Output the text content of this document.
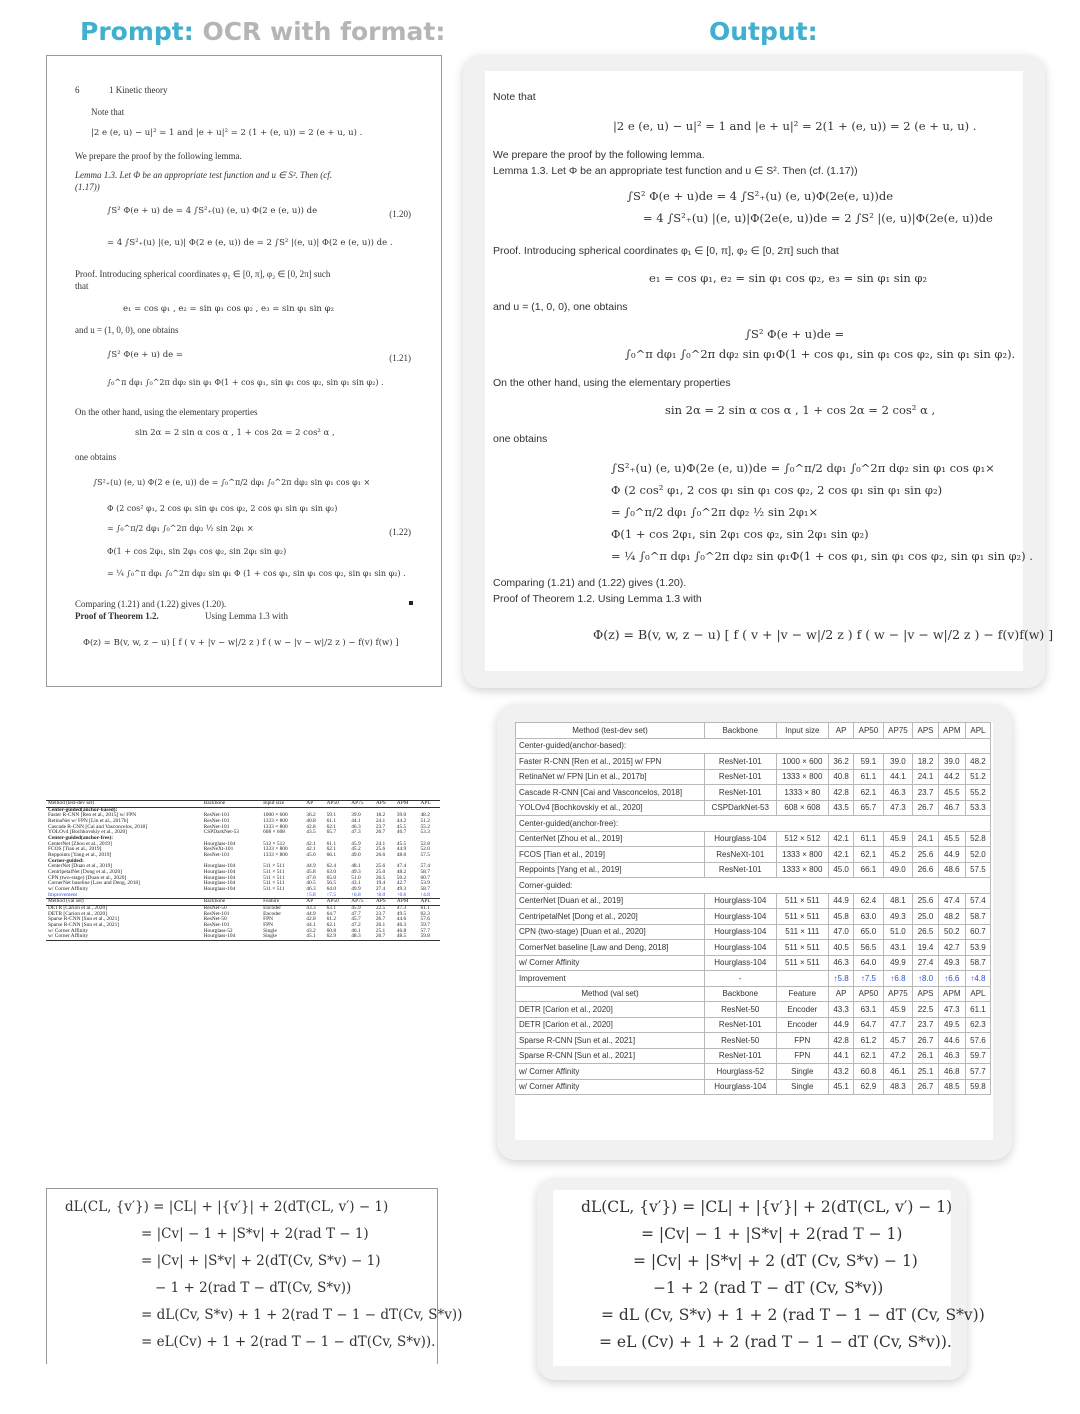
Prompt: OCR with format:	Output:
6	1 Kinetic theory
Note that
|2 e (e, u) − u|² = 1 and |e + u|² = 2 (1 + (e, u)) = 2 (e + u, u) .
We prepare the proof by the following lemma.
Lemma 1.3. Let Φ be an appropriate test function and u ∈ S². Then (cf.
(1.17))
∫S² Φ(e + u) de = 4 ∫S²₊(u) (e, u) Φ(2 e (e, u)) de	(1.20)
= 4 ∫S²₊(u) |(e, u)| Φ(2 e (e, u)) de = 2 ∫S² |(e, u)| Φ(2 e (e, u)) de .
Proof. Introducing spherical coordinates φ₁ ∈ [0, π], φ₂ ∈ [0, 2π] such
that
e₁ = cos φ₁ , e₂ = sin φ₁ cos φ₂ , e₃ = sin φ₁ sin φ₂
and u = (1, 0, 0), one obtains
∫S² Φ(e + u) de =	(1.21)
∫₀^π dφ₁ ∫₀^2π dφ₂ sin φ₁ Φ(1 + cos φ₁, sin φ₁ cos φ₂, sin φ₁ sin φ₂) .
On the other hand, using the elementary properties
sin 2α = 2 sin α cos α , 1 + cos 2α = 2 cos² α ,
one obtains
∫S²₊(u) (e, u) Φ(2 e (e, u)) de = ∫₀^π/2 dφ₁ ∫₀^2π dφ₂ sin φ₁ cos φ₁ ×
Φ (2 cos² φ₁, 2 cos φ₁ sin φ₁ cos φ₂, 2 cos φ₁ sin φ₁ sin φ₂)
= ∫₀^π/2 dφ₁ ∫₀^2π dφ₂ ½ sin 2φ₁ ×	(1.22)
Φ(1 + cos 2φ₁, sin 2φ₁ cos φ₂, sin 2φ₁ sin φ₂)
= ¼ ∫₀^π dφ₁ ∫₀^2π dφ₂ sin φ₁ Φ (1 + cos φ₁, sin φ₁ cos φ₂, sin φ₁ sin φ₂) .
Comparing (1.21) and (1.22) gives (1.20).
Proof of Theorem 1.2.	Using Lemma 1.3 with
Φ(z) = B(v, w, z − u) [ f ( v + |v − w|/2 z ) f ( w − |v − w|/2 z ) − f(v) f(w) ]
Note that
|2 e (e, u) − u|² = 1 and |e + u|² = 2(1 + (e, u)) = 2 (e + u, u) .
We prepare the proof by the following lemma.
Lemma 1.3. Let Φ be an appropriate test function and u ∈ S². Then (cf. (1.17))
∫S² Φ(e + u)de = 4 ∫S²₊(u) (e, u)Φ(2e(e, u))de
= 4 ∫S²₊(u) |(e, u)|Φ(2e(e, u))de = 2 ∫S² |(e, u)|Φ(2e(e, u))de
Proof. Introducing spherical coordinates φ₁ ∈ [0, π], φ₂ ∈ [0, 2π] such that
e₁ = cos φ₁, e₂ = sin φ₁ cos φ₂, e₃ = sin φ₁ sin φ₂
and u = (1, 0, 0), one obtains
∫S² Φ(e + u)de =
∫₀^π dφ₁ ∫₀^2π dφ₂ sin φ₁Φ(1 + cos φ₁, sin φ₁ cos φ₂, sin φ₁ sin φ₂).
On the other hand, using the elementary properties
sin 2α = 2 sin α cos α , 1 + cos 2α = 2 cos² α ,
one obtains
∫S²₊(u) (e, u)Φ(2e (e, u))de = ∫₀^π/2 dφ₁ ∫₀^2π dφ₂ sin φ₁ cos φ₁×
Φ (2 cos² φ₁, 2 cos φ₁ sin φ₁ cos φ₂, 2 cos φ₁ sin φ₁ sin φ₂)
= ∫₀^π/2 dφ₁ ∫₀^2π dφ₂ ½ sin 2φ₁×
Φ(1 + cos 2φ₁, sin 2φ₁ cos φ₂, sin 2φ₁ sin φ₂)
= ¼ ∫₀^π dφ₁ ∫₀^2π dφ₂ sin φ₁Φ(1 + cos φ₁, sin φ₁ cos φ₂, sin φ₁ sin φ₂) .
Comparing (1.21) and (1.22) gives (1.20).
Proof of Theorem 1.2. Using Lemma 1.3 with
Φ(z) = B(v, w, z − u) [ f ( v + |v − w|/2 z ) f ( w − |v − w|/2 z ) − f(v)f(w) ]
Method (test-dev set)	Backbone	Input size	AP	AP50	AP75	APS	APM	APL
Center-guided(anchor-based):								
Faster R-CNN [Ren et al., 2015] w/ FPN	ResNet-101	1000 × 600	36.2	59.1	39.0	18.2	39.0	48.2
RetinaNet w/ FPN [Lin et al., 2017b]	ResNet-101	1333 × 800	40.8	61.1	44.1	24.1	44.2	51.2
Cascade R-CNN [Cai and Vasconcelos, 2018]	ResNet-101	1333 × 800	42.8	62.1	46.3	23.7	45.5	55.2
YOLOv4 [Bochkovskiy et al., 2020]	CSPDarkNet-53	608 × 608	43.5	65.7	47.3	26.7	46.7	53.3
Center-guided(anchor-free):								
CenterNet [Zhou et al., 2019]	Hourglass-104	512 × 512	42.1	61.1	45.9	24.1	45.5	52.8
FCOS [Tian et al., 2019]	ResNeXt-101	1333 × 800	42.1	62.1	45.2	25.6	44.9	52.0
Reppoints [Yang et al., 2019]	ResNet-101	1333 × 800	45.0	66.1	49.0	26.6	48.6	57.5
Corner-guided:								
CenterNet [Duan et al., 2019]	Hourglass-104	511 × 511	44.9	62.4	48.1	25.6	47.4	57.4
CentripetalNet [Dong et al., 2020]	Hourglass-104	511 × 511	45.8	63.0	49.3	25.0	48.2	58.7
CPN (two-stage) [Duan et al., 2020]	Hourglass-104	511 × 511	47.0	65.0	51.0	26.5	50.2	60.7
CornerNet baseline [Law and Deng, 2018]	Hourglass-104	511 × 511	40.5	56.5	43.1	19.4	42.7	53.9
w/ Corner Affinity	Hourglass-104	511 × 511	46.3	64.0	49.9	27.4	49.3	58.7
Improvement			↑5.8	↑7.5	↑6.8	↑8.0	↑6.6	↑4.8
Method (val set)	Backbone	Feature	AP	AP50	AP75	APS	APM	APL
DETR [Carion et al., 2020]	ResNet-50	Encoder	43.3	63.1	45.9	22.5	47.3	61.1
DETR [Carion et al., 2020]	ResNet-101	Encoder	44.9	64.7	47.7	23.7	49.5	62.3
Sparse R-CNN [Sun et al., 2021]	ResNet-50	FPN	42.8	61.2	45.7	26.7	44.6	57.6
Sparse R-CNN [Sun et al., 2021]	ResNet-101	FPN	44.1	62.1	47.2	26.1	46.3	59.7
w/ Corner Affinity	Hourglass-52	Single	43.2	60.8	46.1	25.1	46.8	57.7
w/ Corner Affinity	Hourglass-104	Single	45.1	62.9	48.3	26.7	48.5	59.8
Method (test-dev set)	Backbone	Input size	AP	AP50	AP75	APS	APM	APL
Center-guided(anchor-based):								
Faster R-CNN [Ren et al., 2015] w/ FPN	ResNet-101	1000 × 600	36.2	59.1	39.0	18.2	39.0	48.2
RetinaNet w/ FPN [Lin et al., 2017b]	ResNet-101	1333 × 800	40.8	61.1	44.1	24.1	44.2	51.2
Cascade R-CNN [Cai and Vasconcelos, 2018]	ResNet-101	1333 × 80	42.8	62.1	46.3	23.7	45.5	55.2
YOLOv4 [Bochkovskiy et al., 2020]	CSPDarkNet-53	608 × 608	43.5	65.7	47.3	26.7	46.7	53.3
Center-guided(anchor-free):								
CenterNet [Zhou et al., 2019]	Hourglass-104	512 × 512	42.1	61.1	45.9	24.1	45.5	52.8
FCOS [Tian et al., 2019]	ResNeXt-101	1333 × 800	42.1	62.1	45.2	25.6	44.9	52.0
Reppoints [Yang et al., 2019]	ResNet-101	1333 × 800	45.0	66.1	49.0	26.6	48.6	57.5
Corner-guided:								
CenterNet [Duan et al., 2019]	Hourglass-104	511 × 511	44.9	62.4	48.1	25.6	47.4	57.4
CentripetalNet [Dong et al., 2020]	Hourglass-104	511 × 511	45.8	63.0	49.3	25.0	48.2	58.7
CPN (two-stage) [Duan et al., 2020]	Hourglass-104	511 × 111	47.0	65.0	51.0	26.5	50.2	60.7
CornerNet baseline [Law and Deng, 2018]	Hourglass-104	511 × 511	40.5	56.5	43.1	19.4	42.7	53.9
w/ Corner Affinity	Hourglass-104	511 × 511	46.3	64.0	49.9	27.4	49.3	58.7
Improvement	-		↑5.8	↑7.5	↑6.8	↑8.0	↑6.6	↑4.8
Method (val set)	Backbone	Feature	AP	AP50	AP75	APS	APM	APL
DETR [Carion et al., 2020]	ResNet-50	Encoder	43.3	63.1	45.9	22.5	47.3	61.1
DETR [Carion et al., 2020]	ResNet-101	Encoder	44.9	64.7	47.7	23.7	49.5	62.3
Sparse R-CNN [Sun et al., 2021]	ResNet-50	FPN	42.8	61.2	45.7	26.7	44.6	57.6
Sparse R-CNN [Sun et al., 2021]	ResNet-101	FPN	44.1	62.1	47.2	26.1	46.3	59.7
w/ Corner Affinity	Hourglass-52	Single	43.2	60.8	46.1	25.1	46.8	57.7
w/ Corner Affinity	Hourglass-104	Single	45.1	62.9	48.3	26.7	48.5	59.8
dL(CL, {v′}) = |CL| + |{v′}| + 2(dT(CL, v′) − 1)
= |Cv| − 1 + |S*v| + 2(rad T − 1)
= |Cv| + |S*v| + 2(dT(Cv, S*v) − 1)
− 1 + 2(rad T − dT(Cv, S*v))
= dL(Cv, S*v) + 1 + 2(rad T − 1 − dT(Cv, S*v))
= eL(Cv) + 1 + 2(rad T − 1 − dT(Cv, S*v)).
dL(CL, {v′}) = |CL| + |{v′}| + 2(dT(CL, v′) − 1)
= |Cv| − 1 + |S*v| + 2(rad T − 1)
= |Cv| + |S*v| + 2 (dT (Cv, S*v) − 1)
−1 + 2 (rad T − dT (Cv, S*v))
= dL (Cv, S*v) + 1 + 2 (rad T − 1 − dT (Cv, S*v))
= eL (Cv) + 1 + 2 (rad T − 1 − dT (Cv, S*v)).
